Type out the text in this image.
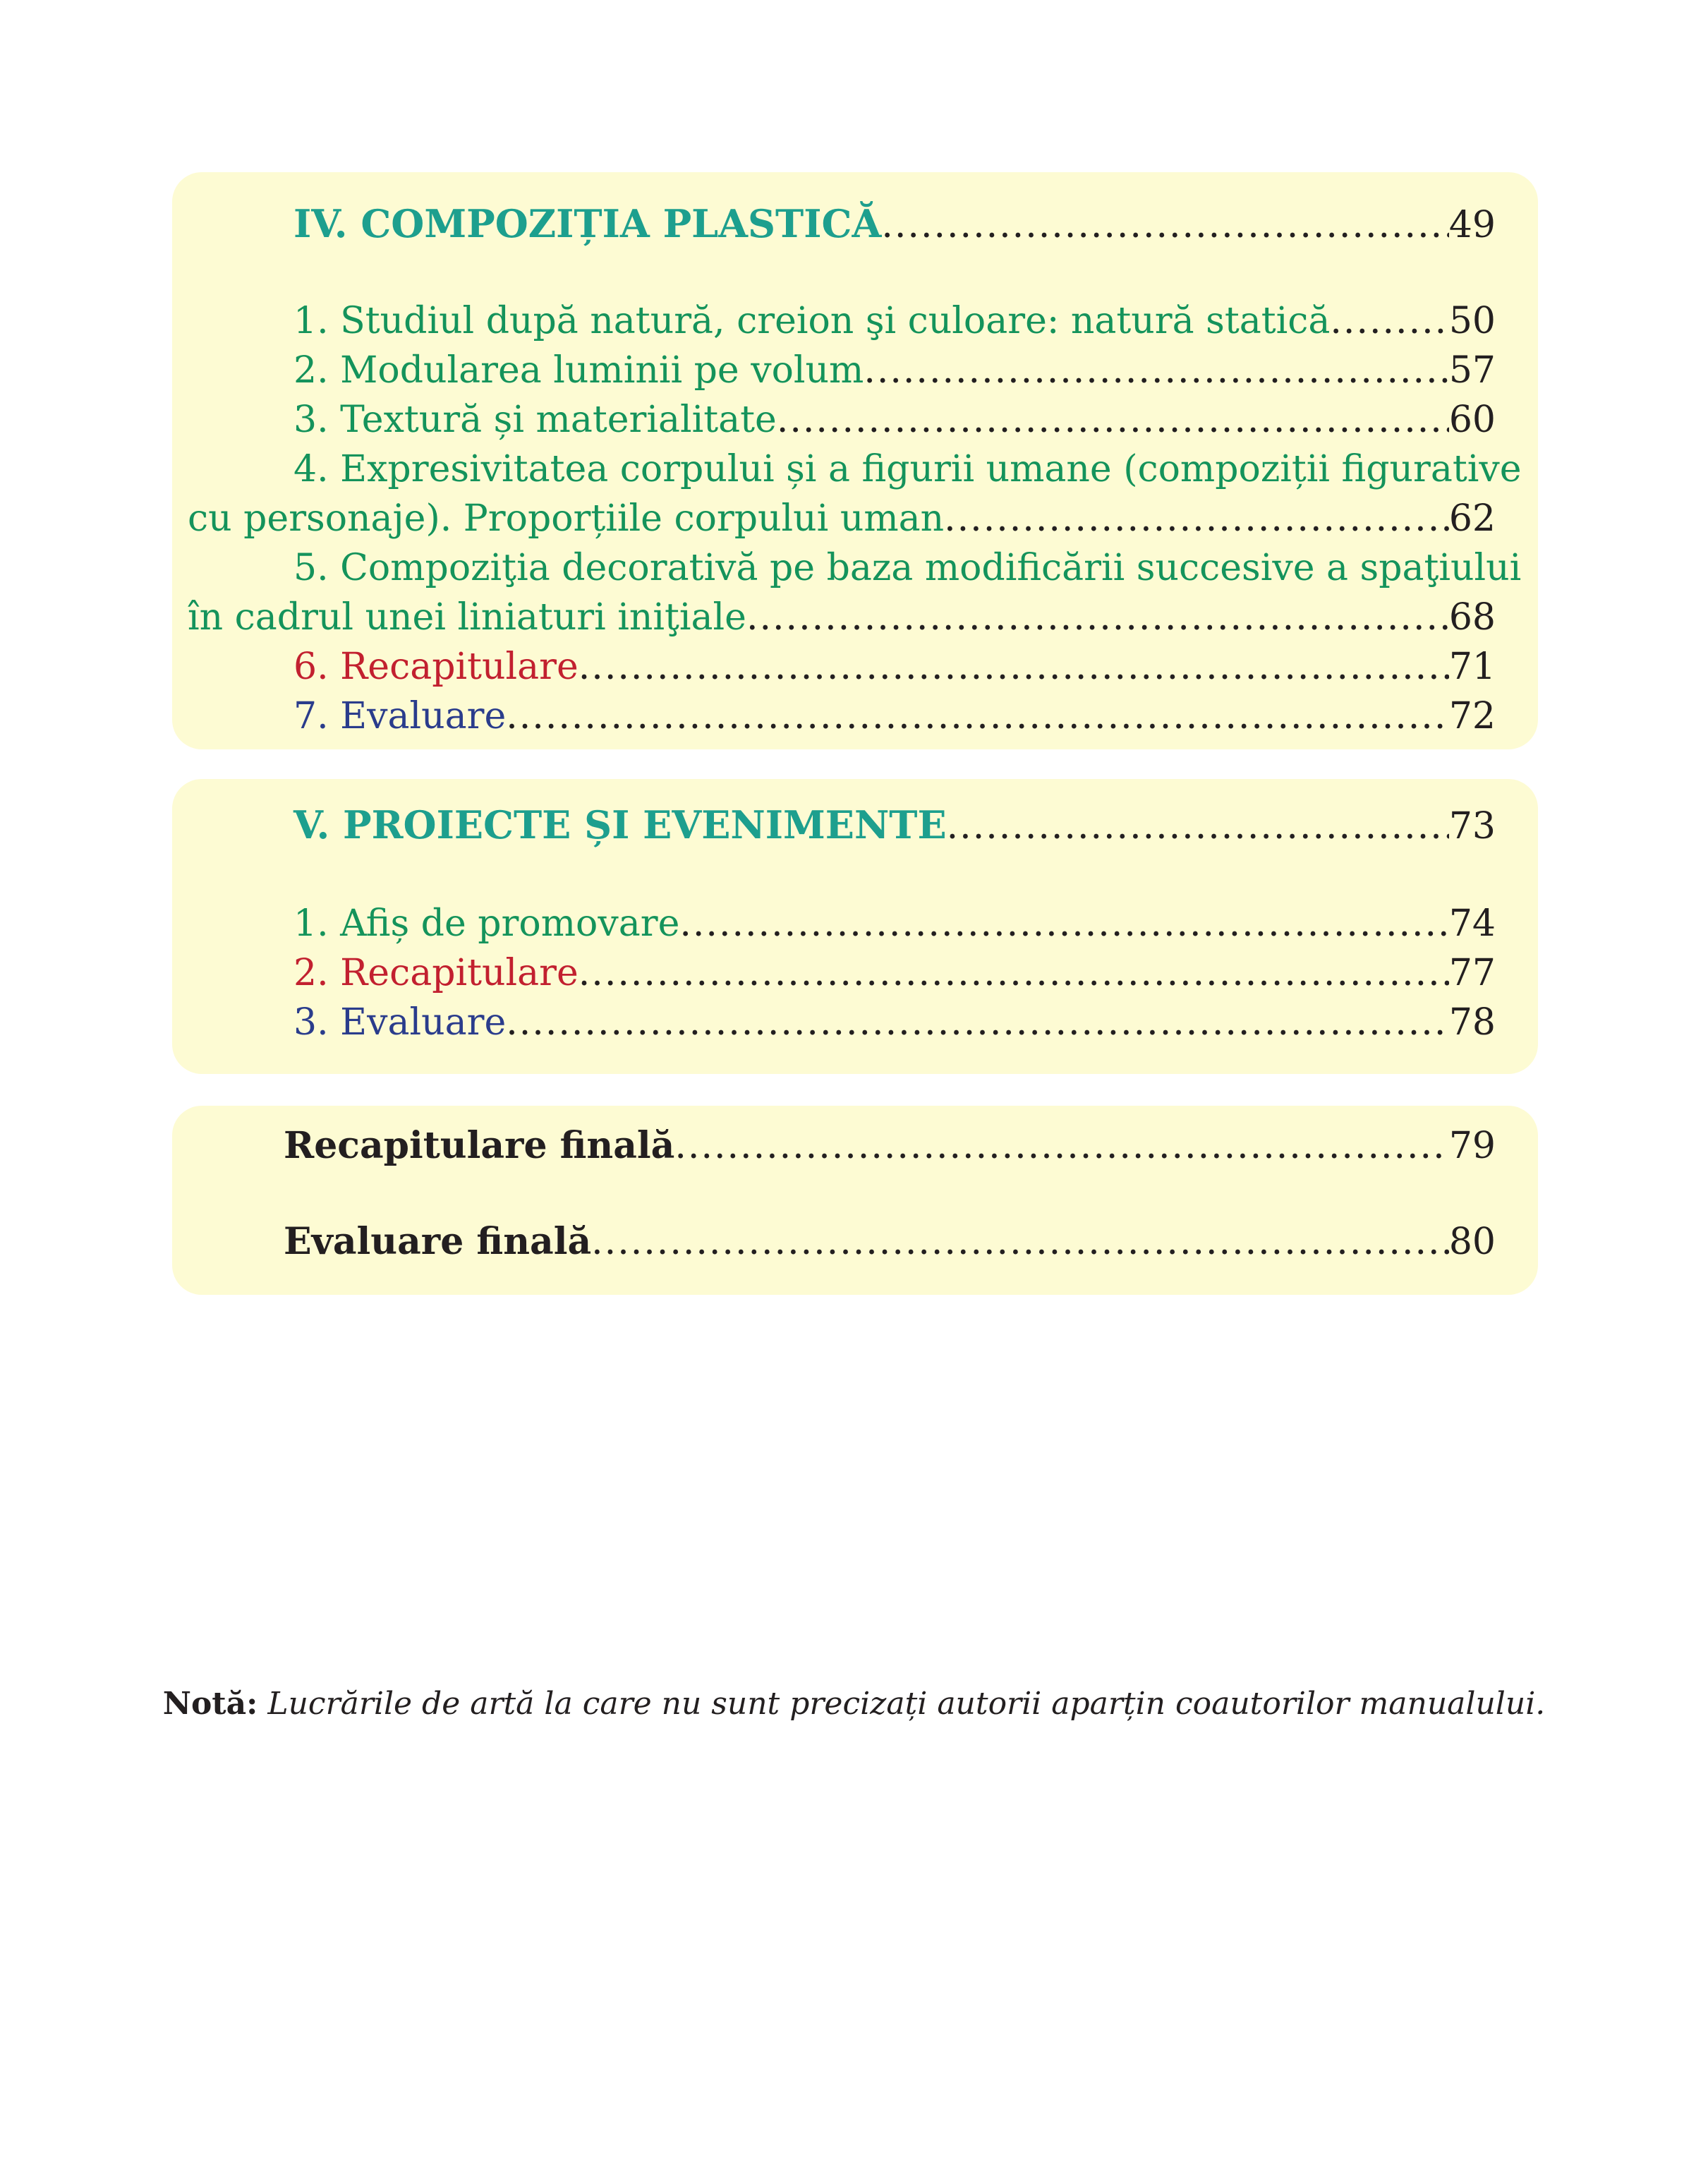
IV. COMPOZIȚIA PLASTICĂ .....	49
1. Studiul după natură, creion şi culoare: natură statică .....	50
2. Modularea luminii pe volum .....	57
3. Textură și materialitate .....	60
4. Expresivitatea corpului și a figurii umane (compoziții figurative
cu personaje). Proporțiile corpului uman .....	62
5. Compoziţia decorativă pe baza modificării succesive a spaţiului
în cadrul unei liniaturi iniţiale .....	68
6. Recapitulare .....	71
7. Evaluare .....	72
V. PROIECTE ȘI EVENIMENTE .....	73
1. Afiș de promovare .....	74
2. Recapitulare .....	77
3. Evaluare .....	78
Recapitulare finală .....	79
Evaluare finală .....	80
Notă: Lucrările de artă la care nu sunt precizați autorii aparțin coautorilor manualului.
